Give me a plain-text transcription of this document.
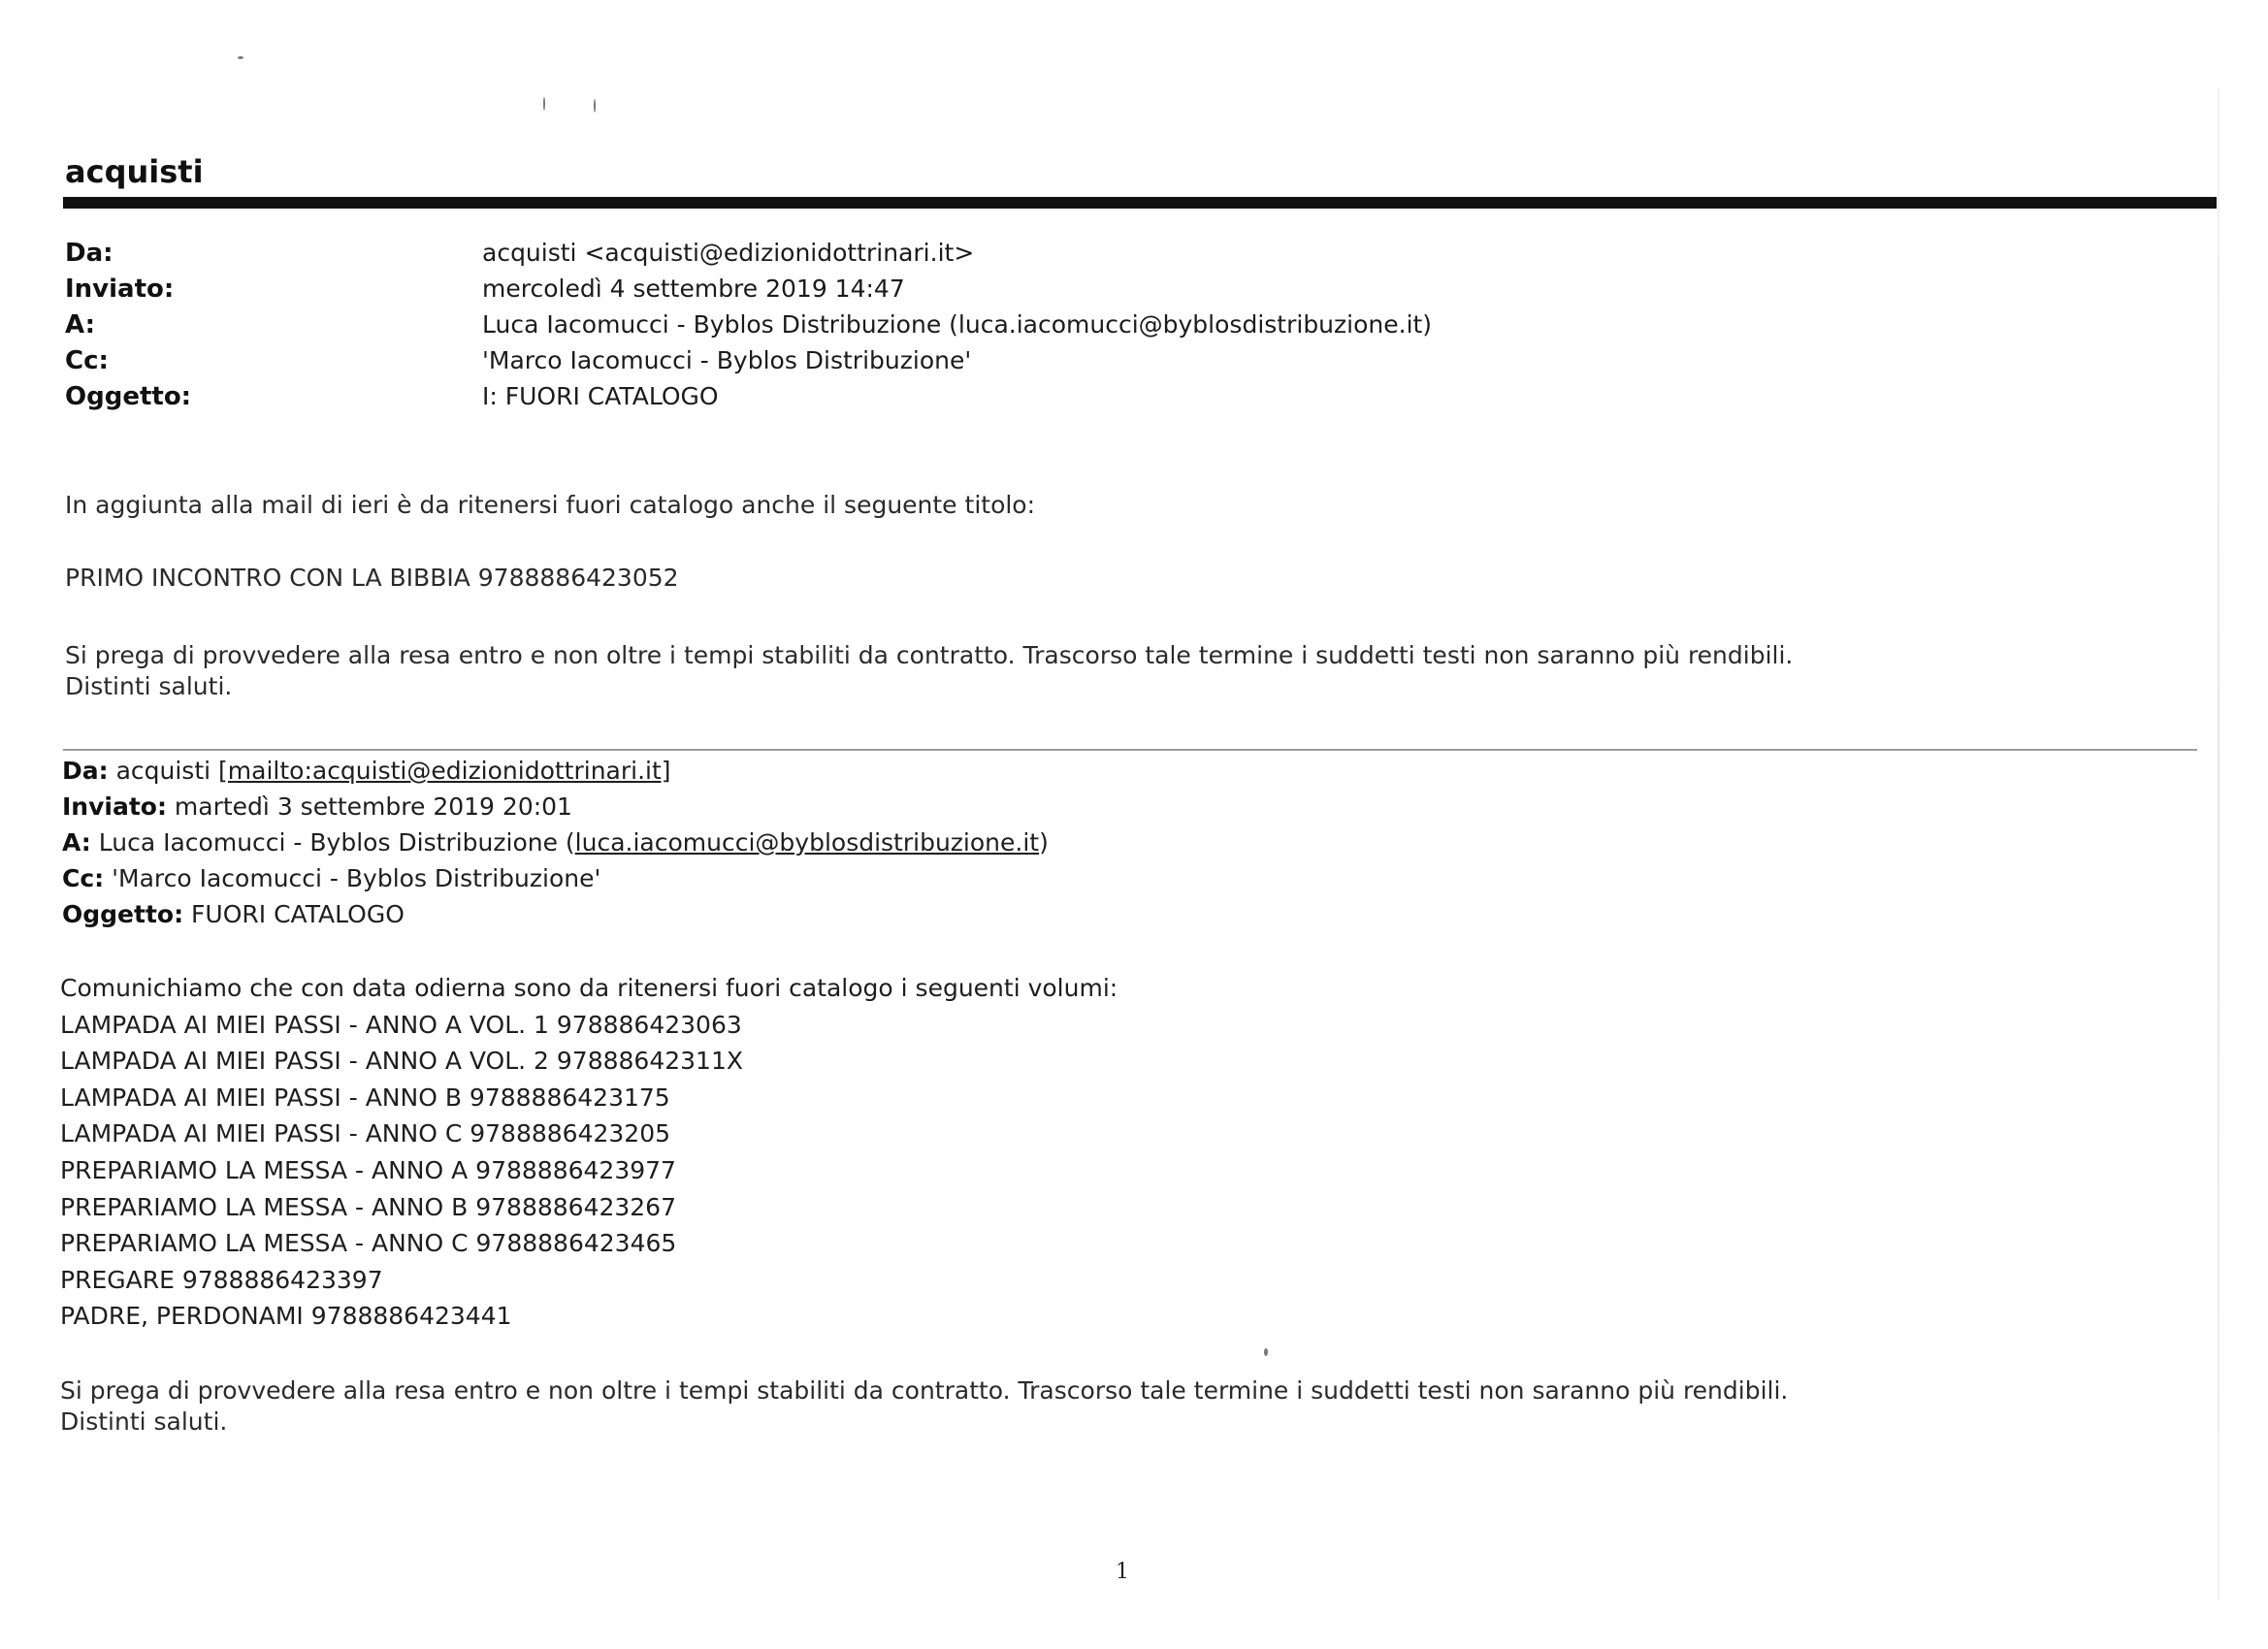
acquisti
Da:	acquisti <acquisti@edizionidottrinari.it>
Inviato:	mercoledì 4 settembre 2019 14:47
A:	Luca Iacomucci - Byblos Distribuzione (luca.iacomucci@byblosdistribuzione.it)
Cc:	'Marco Iacomucci - Byblos Distribuzione'
Oggetto:	I: FUORI CATALOGO
In aggiunta alla mail di ieri è da ritenersi fuori catalogo anche il seguente titolo:
PRIMO INCONTRO CON LA BIBBIA 9788886423052
Si prega di provvedere alla resa entro e non oltre i tempi stabiliti da contratto. Trascorso tale termine i suddetti testi non saranno più rendibili.
Distinti saluti.
Da: acquisti [mailto:acquisti@edizionidottrinari.it]
Inviato: martedì 3 settembre 2019 20:01
A: Luca Iacomucci - Byblos Distribuzione (luca.iacomucci@byblosdistribuzione.it)
Cc: 'Marco Iacomucci - Byblos Distribuzione'
Oggetto: FUORI CATALOGO
Comunichiamo che con data odierna sono da ritenersi fuori catalogo i seguenti volumi:
LAMPADA AI MIEI PASSI - ANNO A VOL. 1 978886423063
LAMPADA AI MIEI PASSI - ANNO A VOL. 2 97888642311X
LAMPADA AI MIEI PASSI - ANNO B 9788886423175
LAMPADA AI MIEI PASSI - ANNO C 9788886423205
PREPARIAMO LA MESSA - ANNO A 9788886423977
PREPARIAMO LA MESSA - ANNO B 9788886423267
PREPARIAMO LA MESSA - ANNO C 9788886423465
PREGARE 9788886423397
PADRE, PERDONAMI 9788886423441
Si prega di provvedere alla resa entro e non oltre i tempi stabiliti da contratto. Trascorso tale termine i suddetti testi non saranno più rendibili.
Distinti saluti.
1
